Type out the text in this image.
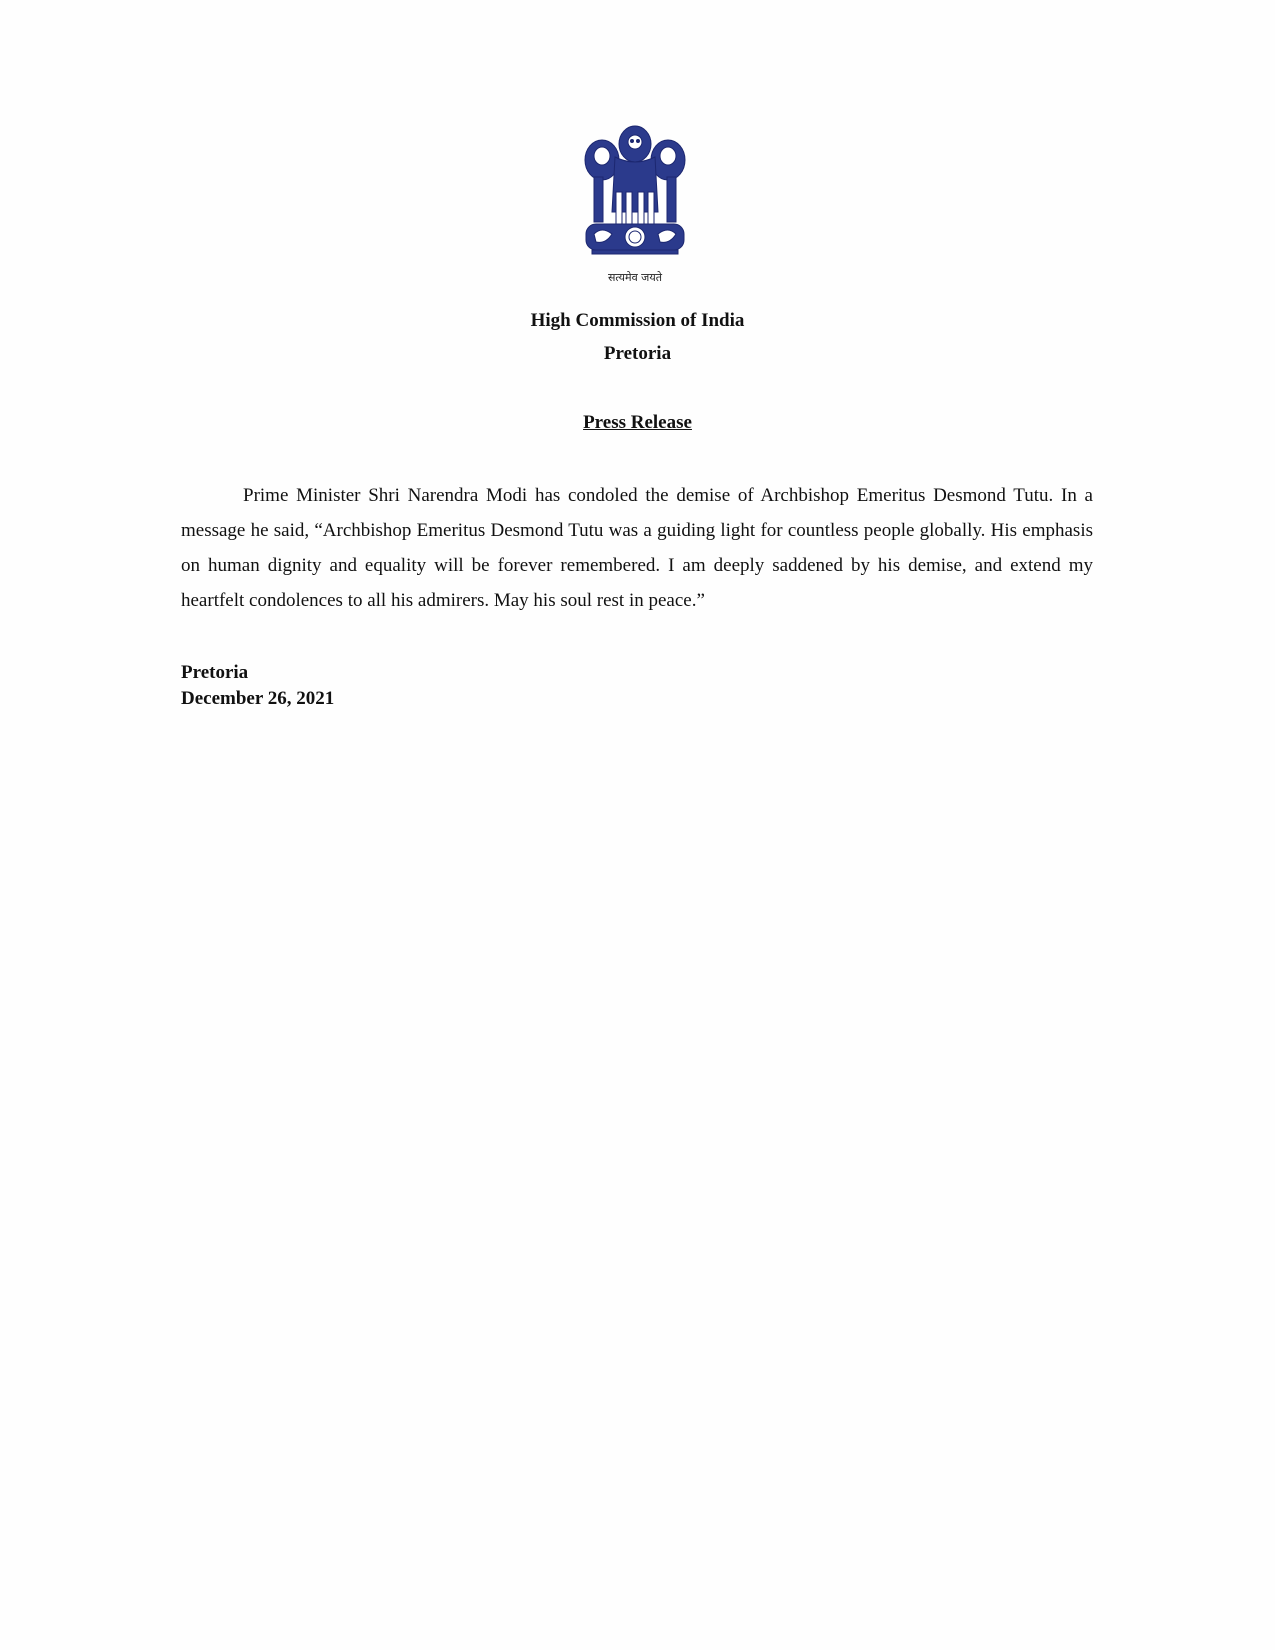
सत्यमेव जयते
High Commission of India
Pretoria
Press Release

Prime Minister Shri Narendra Modi has condoled the demise of Archbishop Emeritus Desmond Tutu. In a message he said, “Archbishop Emeritus Desmond Tutu was a guiding light for countless people globally. His emphasis on human dignity and equality will be forever remembered. I am deeply saddened by his demise, and extend my heartfelt condolences to all his admirers. May his soul rest in peace.”

Pretoria
December 26, 2021
